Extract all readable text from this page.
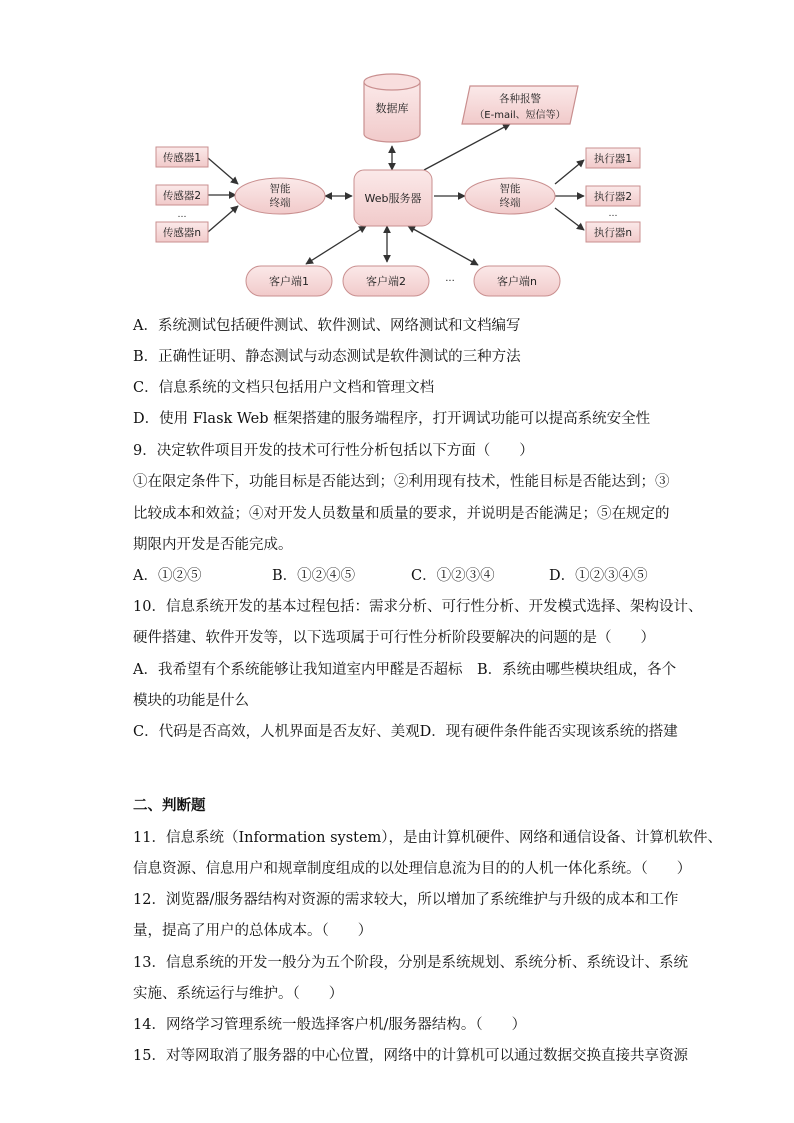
数据库
各种报警
（E-mail、短信等）
传感器1
传感器2
…
传感器n
智能
终端	Web服务器
智能
终端
执行器1
执行器2
…
执行器n
客户端1	客户端2	···	客户端n
A．系统测试包括硬件测试、软件测试、网络测试和文档编写
B．正确性证明、静态测试与动态测试是软件测试的三种方法
C．信息系统的文档只包括用户文档和管理文档
D．使用 Flask Web 框架搭建的服务端程序，打开调试功能可以提高系统安全性
9．决定软件项目开发的技术可行性分析包括以下方面（　　）
①在限定条件下，功能目标是否能达到；②利用现有技术，性能目标是否能达到；③
比较成本和效益；④对开发人员数量和质量的要求，并说明是否能满足；⑤在规定的
期限内开发是否能完成。
A．①②⑤	B．①②④⑤	C．①②③④	D．①②③④⑤
10．信息系统开发的基本过程包括：需求分析、可行性分析、开发模式选择、架构设计、
硬件搭建、软件开发等，以下选项属于可行性分析阶段要解决的问题的是（　　）
A．我希望有个系统能够让我知道室内甲醛是否超标　B．系统由哪些模块组成，各个
模块的功能是什么
C．代码是否高效，人机界面是否友好、美观D．现有硬件条件能否实现该系统的搭建
二、判断题
11．信息系统（Information system），是由计算机硬件、网络和通信设备、计算机软件、
信息资源、信息用户和规章制度组成的以处理信息流为目的的人机一体化系统。（　　）
12．浏览器/服务器结构对资源的需求较大，所以增加了系统维护与升级的成本和工作
量，提高了用户的总体成本。（　　）
13．信息系统的开发一般分为五个阶段，分别是系统规划、系统分析、系统设计、系统
实施、系统运行与维护。（　　）
14．网络学习管理系统一般选择客户机/服务器结构。（　　）
15．对等网取消了服务器的中心位置，网络中的计算机可以通过数据交换直接共享资源
